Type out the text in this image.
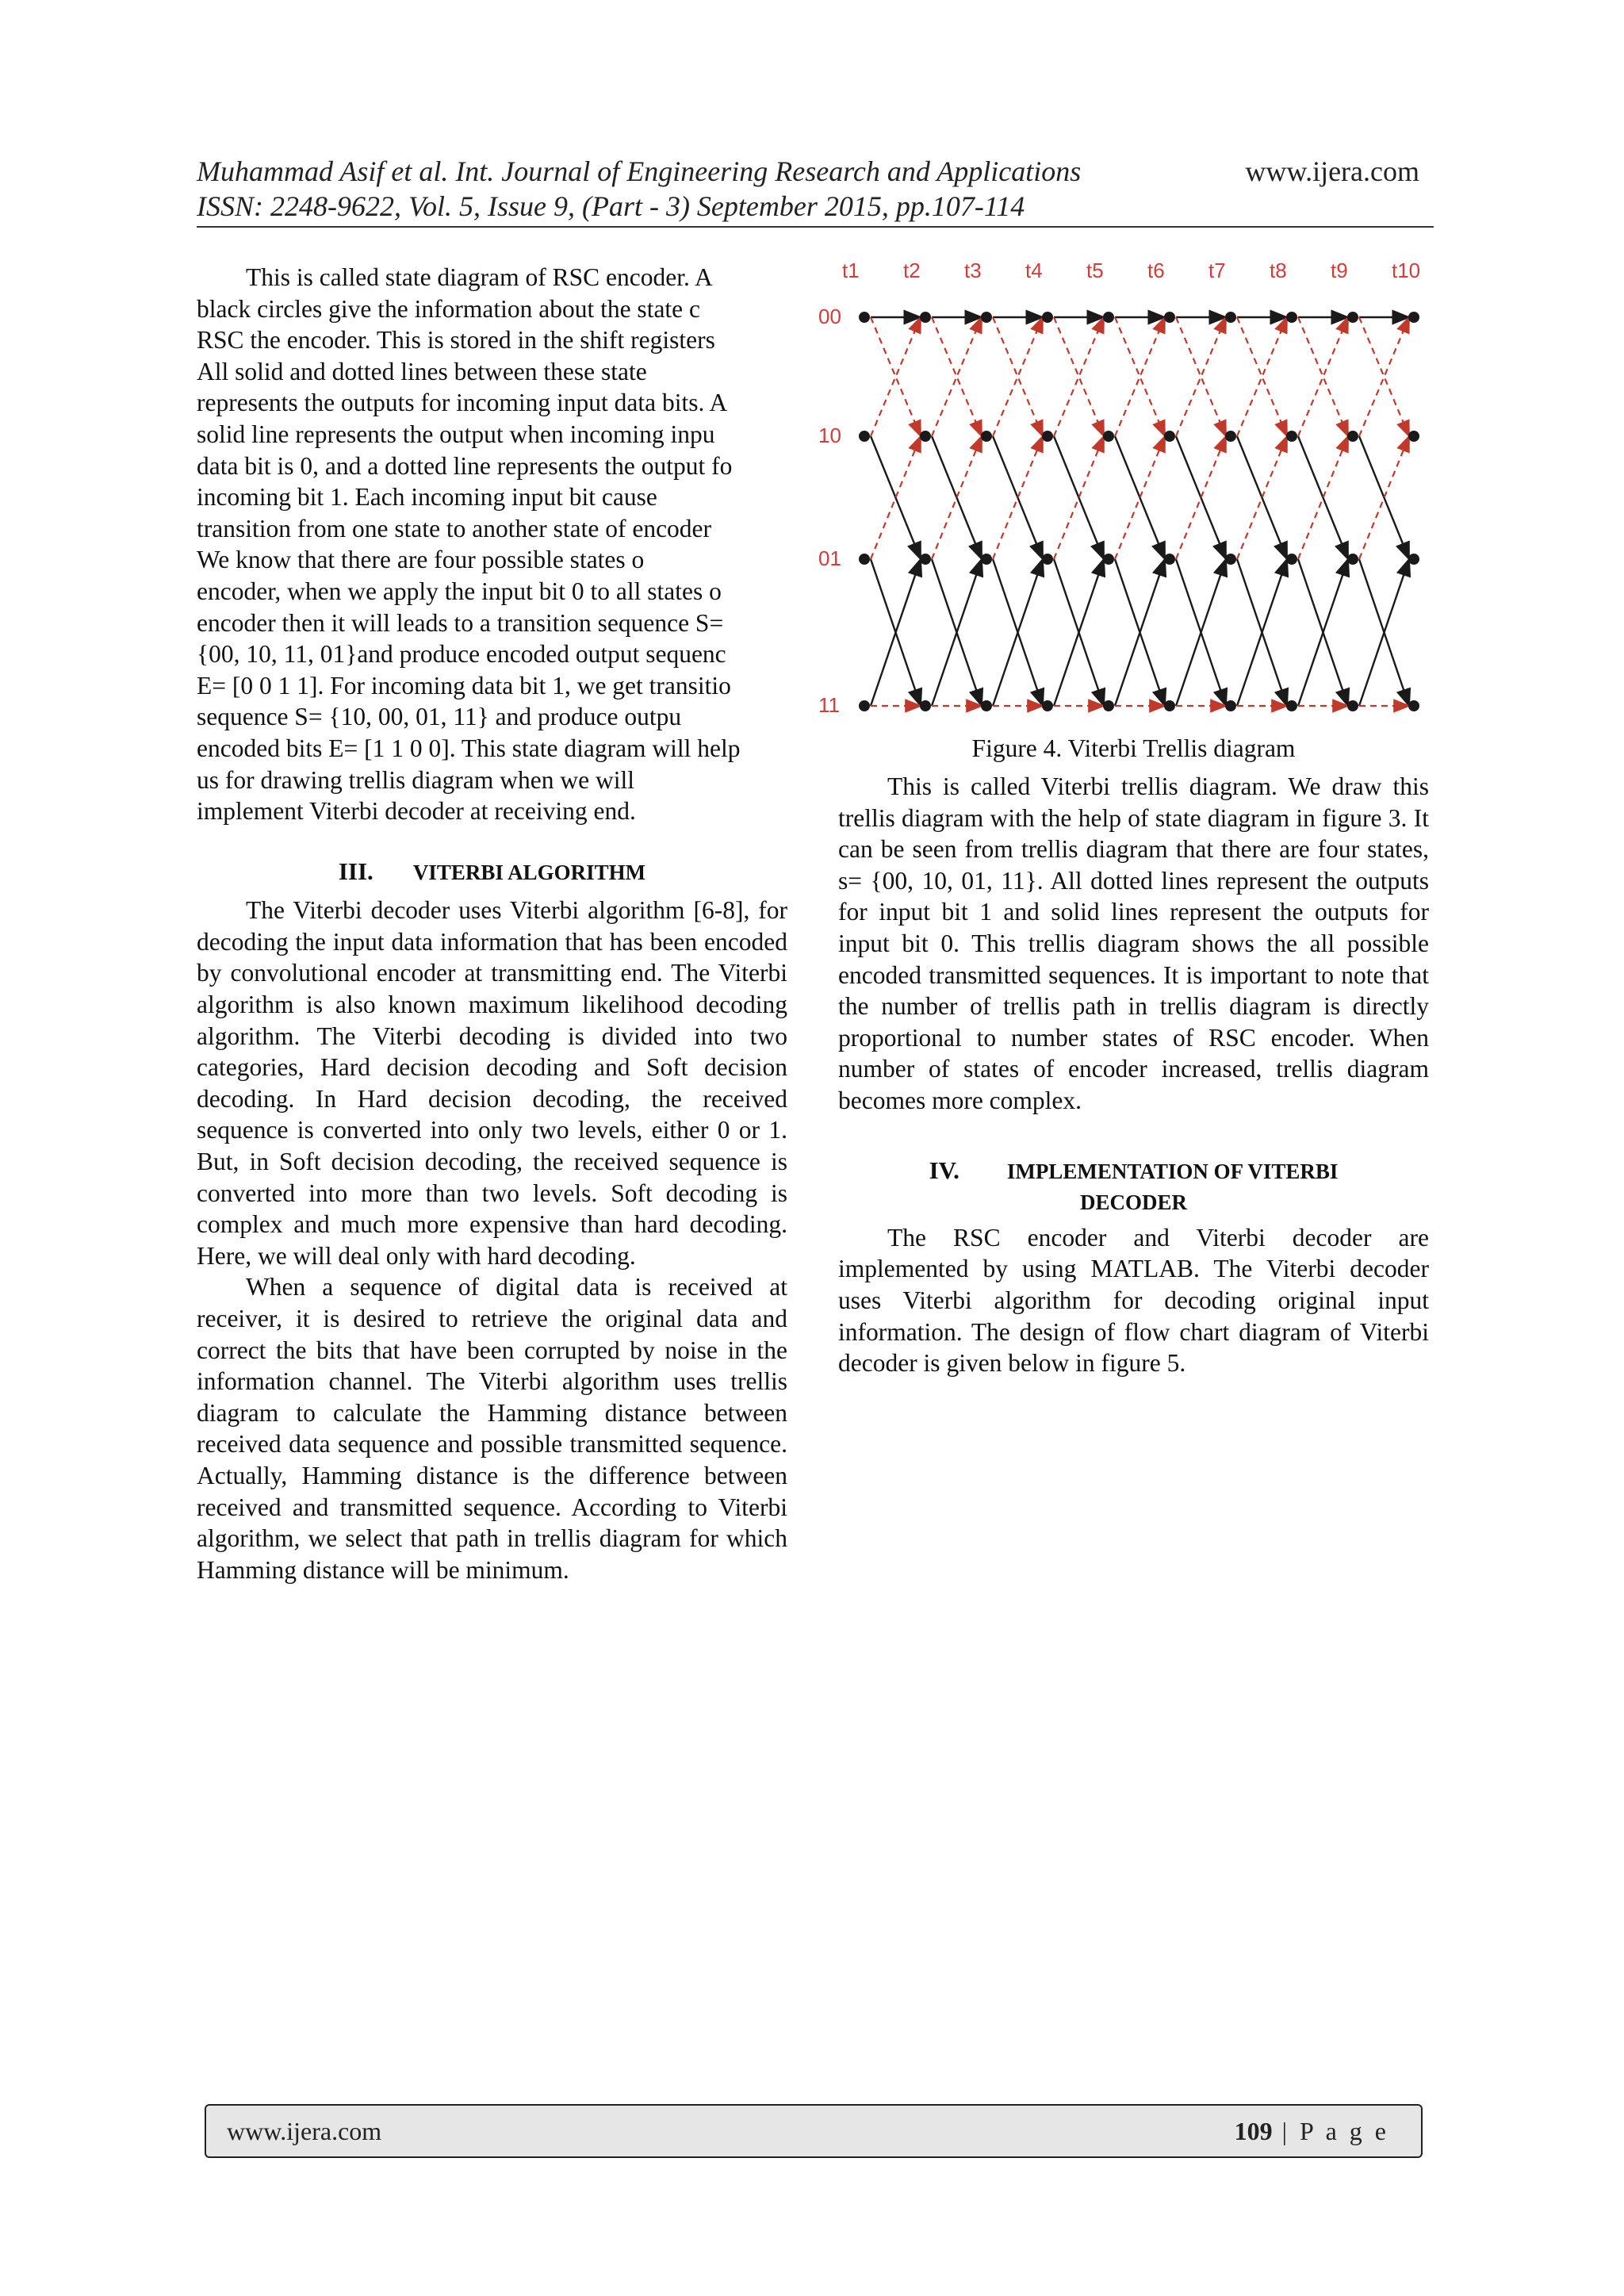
Muhammad Asif et al. Int. Journal of Engineering Research and Applications
ISSN: 2248-9622, Vol. 5, Issue 9, (Part - 3) September 2015, pp.107-114
www.ijera.com
This is called state diagram of RSC encoder. A
black circles give the information about the state c
RSC the encoder. This is stored in the shift registers
All solid and dotted lines between these state
represents the outputs for incoming input data bits. A
solid line represents the output when incoming inpu
data bit is 0, and a dotted line represents the output fo
incoming bit 1. Each incoming input bit cause
transition from one state to another state of encoder
We know that there are four possible states o
encoder, when we apply the input bit 0 to all states o
encoder then it will leads to a transition sequence S=
{00, 10, 11, 01}and produce encoded output sequenc
E= [0 0 1 1]. For incoming data bit 1, we get transitio
sequence S= {10, 00, 01, 11} and produce outpu
encoded bits E= [1 1 0 0]. This state diagram will help
us for drawing trellis diagram when we will
implement Viterbi decoder at receiving end.
III. VITERBI ALGORITHM

The Viterbi decoder uses Viterbi algorithm [6-8], for decoding the input data information that has been encoded by convolutional encoder at transmitting end. The Viterbi algorithm is also known maximum likelihood decoding algorithm. The Viterbi decoding is divided into two categories, Hard decision decoding and Soft decision decoding. In Hard decision decoding, the received sequence is converted into only two levels, either 0 or 1. But, in Soft decision decoding, the received sequence is converted into more than two levels. Soft decoding is complex and much more expensive than hard decoding. Here, we will deal only with hard decoding.

When a sequence of digital data is received at receiver, it is desired to retrieve the original data and correct the bits that have been corrupted by noise in the information channel. The Viterbi algorithm uses trellis diagram to calculate the Hamming distance between received data sequence and possible transmitted sequence. Actually, Hamming distance is the difference between received and transmitted sequence. According to Viterbi algorithm, we select that path in trellis diagram for which Hamming distance will be minimum.

t1 t2 t3 t4 t5 t6 t7 t8 t9 t10
00
10
01
11
Figure 4. Viterbi Trellis diagram

This is called Viterbi trellis diagram. We draw this trellis diagram with the help of state diagram in figure 3. It can be seen from trellis diagram that there are four states, s= {00, 10, 01, 11}. All dotted lines represent the outputs for input bit 1 and solid lines represent the outputs for input bit 0. This trellis diagram shows the all possible encoded transmitted sequences. It is important to note that the number of trellis path in trellis diagram is directly proportional to number states of RSC encoder. When number of states of encoder increased, trellis diagram becomes more complex.

IV. IMPLEMENTATION OF VITERBI
DECODER

The RSC encoder and Viterbi decoder are implemented by using MATLAB. The Viterbi decoder uses Viterbi algorithm for decoding original input information. The design of flow chart diagram of Viterbi decoder is given below in figure 5.

www.ijera.com	109 | P a g e
